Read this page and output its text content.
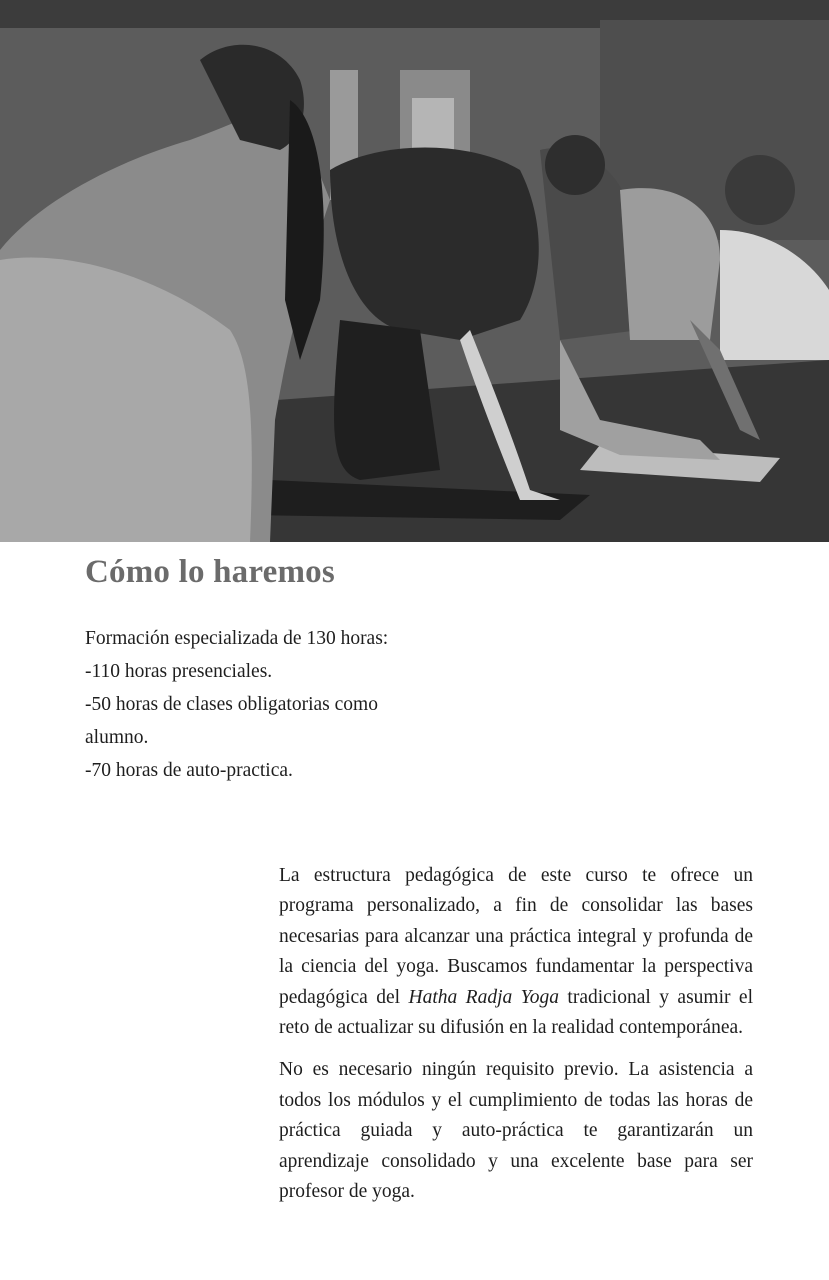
Cómo lo haremos
Formación especializada de 130 horas:
-110 horas presenciales.
-50 horas de clases obligatorias como
alumno.
-70 horas de auto-practica.

La estructura pedagógica de este curso te ofrece un programa personalizado, a fin de consolidar las bases necesarias para alcanzar una práctica integral y profunda de la ciencia del yoga. Buscamos fundamentar la perspectiva pedagógica del Hatha Radja Yoga tradicional y asumir el reto de actualizar su difusión en la realidad contemporánea.

No es necesario ningún requisito previo. La asistencia a todos los módulos y el cumplimiento de todas las horas de práctica guiada y auto-práctica te garantizarán un aprendizaje consolidado y una excelente base para ser profesor de yoga.
